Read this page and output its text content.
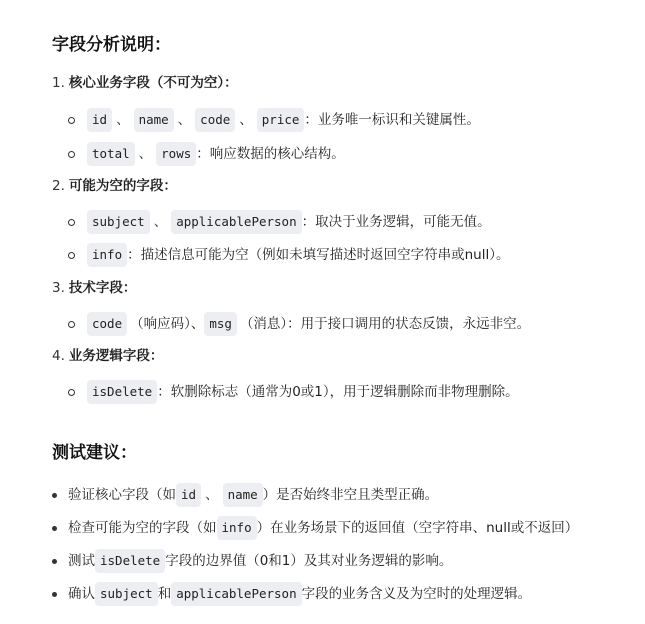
字段分析说明：
1. 核心业务字段（不可为空）：
id 、 name 、 code 、 price ：业务唯一标识和关键属性。
total 、 rows ：响应数据的核心结构。
2. 可能为空的字段：
subject 、 applicablePerson ：取决于业务逻辑，可能无值。
info ：描述信息可能为空（例如未填写描述时返回空字符串或null）。
3. 技术字段：
code （响应码）、 msg （消息）：用于接口调用的状态反馈，永远非空。
4. 业务逻辑字段：
isDelete ：软删除标志（通常为0或1），用于逻辑删除而非物理删除。
测试建议：
验证核心字段（如 id 、 name ）是否始终非空且类型正确。
检查可能为空的字段（如 info ）在业务场景下的返回值（空字符串、null或不返回）
测试 isDelete 字段的边界值（0和1）及其对业务逻辑的影响。
确认 subject 和 applicablePerson 字段的业务含义及为空时的处理逻辑。
